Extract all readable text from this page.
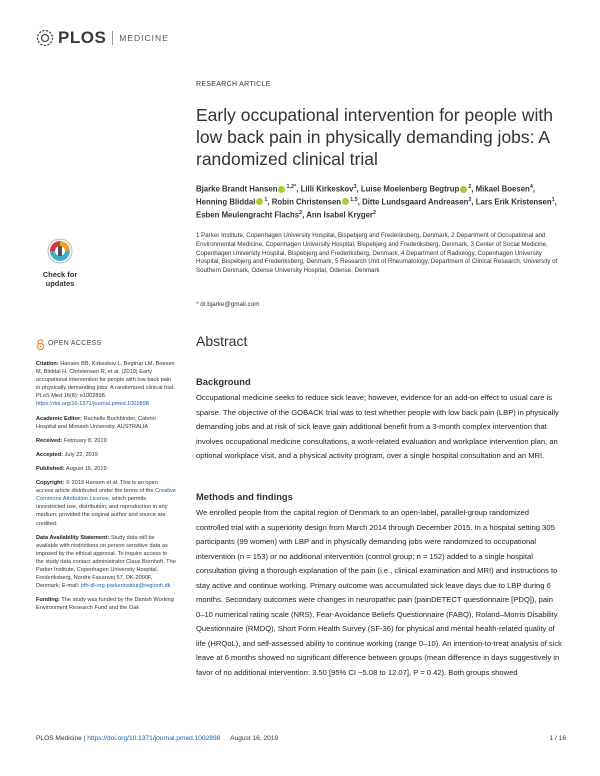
PLOS MEDICINE
Check for
updates
OPEN ACCESS

Citation: Hansen BB, Kirkeskov L, Begtrup LM, Boesen M, Bliddal H, Christensen R, et al. (2019) Early occupational intervention for people with low back pain in physically demanding jobs: A randomized clinical trial. PLoS Med 16(8): e1002898. https://doi.org/10.1371/journal.pmed.1002898

Academic Editor: Rachelle Buchbinder, Cabrini Hospital and Monash University, AUSTRALIA

Received: February 8, 2019

Accepted: July 22, 2019

Published: August 16, 2019

Copyright: © 2019 Hansen et al. This is an open access article distributed under the terms of the Creative Commons Attribution License, which permits unrestricted use, distribution, and reproduction in any medium, provided the original author and source are credited.

Data Availability Statement: Study data will be available with restrictions on person sensitive data as imposed by the ethical approval. To inquire access to the study data contact administrator Claus Bornhoft, The Parker Institute, Copenhagen University Hospital, Frederiksberg, Nordre Fasanvej 57, DK-2000F, Denmark; E-mail: bfh-dl-org-parkerinstitut@regionh.dk

Funding: The study was funded by the Danish Working Environment Research Fund and the Oak

RESEARCH ARTICLE
Early occupational intervention for people with low back pain in physically demanding jobs: A randomized clinical trial
Bjarke Brandt Hansen $^{1,2*}$, Lilli Kirkeskov$^3$, Luise Moelenberg Begtrup $^2$, Mikael Boesen$^4$, Henning Bliddal $^1$, Robin Christensen $^{1,5}$, Ditte Lundsgaard Andreasen$^2$, Lars Erik Kristensen$^1$, Esben Meulengracht Flachs$^2$, Ann Isabel Kryger$^2$
1 Parker Institute, Copenhagen University Hospital, Bispebjerg and Frederiksberg, Denmark, 2 Department of Occupational and Environmental Medicine, Copenhagen University Hospital, Bispebjerg and Frederiksberg, Denmark, 3 Center of Social Medicine, Copenhagen University Hospital, Bispebjerg and Frederiksberg, Denmark, 4 Department of Radiology, Copenhagen University Hospital, Bispebjerg and Frederiksberg, Denmark, 5 Research Unit of Rheumatology, Department of Clinical Research, University of Southern Denmark, Odense University Hospital, Odense, Denmark
* dr.bjarke@gmail.com
Abstract
Background
Occupational medicine seeks to reduce sick leave; however, evidence for an add-on effect to usual care is sparse. The objective of the GOBACK trial was to test whether people with low back pain (LBP) in physically demanding jobs and at risk of sick leave gain additional benefit from a 3-month complex intervention that involves occupational medicine consultations, a work-related evaluation and workplace intervention plan, an optional workplace visit, and a physical activity program, over a single hospital consultation and an MRI.
Methods and findings
We enrolled people from the capital region of Denmark to an open-label, parallel-group randomized controlled trial with a superiority design from March 2014 through December 2015. In a hospital setting 305 participants (99 women) with LBP and in physically demanding jobs were randomized to occupational intervention (n = 153) or no additional intervention (control group; n = 152) added to a single hospital consultation giving a thorough explanation of the pain (i.e., clinical examination and MRI) and instructions to stay active and continue working. Primary outcome was accumulated sick leave days due to LBP during 6 months. Secondary outcomes were changes in neuropathic pain (painDETECT questionnaire [PDQ]), pain 0–10 numerical rating scale (NRS), Fear-Avoidance Beliefs Questionnaire (FABQ), Roland–Morris Disability Questionnaire (RMDQ), Short Form Health Survey (SF-36) for physical and mental health-related quality of life (HRQoL), and self-assessed ability to continue working (range 0–10). An intention-to-treat analysis of sick leave at 6 months showed no significant difference between groups (mean difference in days suggestively in favor of no additional intervention: 3.50 [95% CI −5.08 to 12.07], P = 0.42). Both groups showed
PLOS Medicine | https://doi.org/10.1371/journal.pmed.1002898 August 16, 2019	1 / 16
